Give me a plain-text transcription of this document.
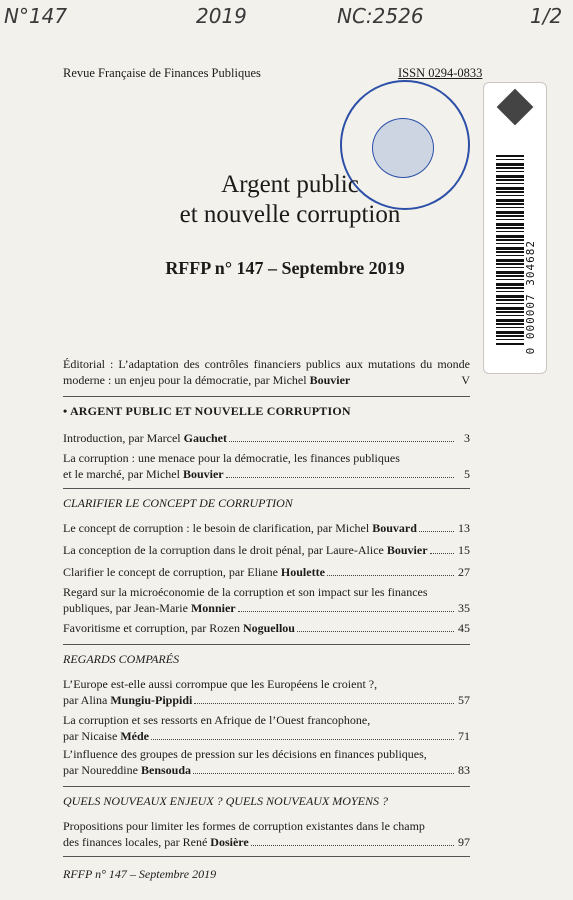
N°147	2019	NC:2526	1/2
Revue Française de Finances Publiques	ISSN 0294-0833
0 000007 304682
Argent public
et nouvelle corruption
RFFP n° 147 – Septembre 2019
Éditorial : L’adaptation des contrôles financiers publics aux mutations du monde moderne : un enjeu pour la démocratie, par Michel Bouvier	V
• ARGENT PUBLIC ET NOUVELLE CORRUPTION
Introduction, par Marcel Gauchet	3
La corruption : une menace pour la démocratie, les finances publiques
et le marché, par Michel Bouvier	5
CLARIFIER LE CONCEPT DE CORRUPTION
Le concept de corruption : le besoin de clarification, par Michel Bouvard	13
La conception de la corruption dans le droit pénal, par Laure-Alice Bouvier	15
Clarifier le concept de corruption, par Eliane Houlette	27
Regard sur la microéconomie de la corruption et son impact sur les finances
publiques, par Jean-Marie Monnier	35
Favoritisme et corruption, par Rozen Noguellou	45
REGARDS COMPARÉS
L’Europe est-elle aussi corrompue que les Européens le croient ?,
par Alina Mungiu-Pippidi	57
La corruption et ses ressorts en Afrique de l’Ouest francophone,
par Nicaise Méde	71
L’influence des groupes de pression sur les décisions en finances publiques,
par Noureddine Bensouda	83
QUELS NOUVEAUX ENJEUX ? QUELS NOUVEAUX MOYENS ?
Propositions pour limiter les formes de corruption existantes dans le champ
des finances locales, par René Dosière	97
RFFP n° 147 – Septembre 2019
